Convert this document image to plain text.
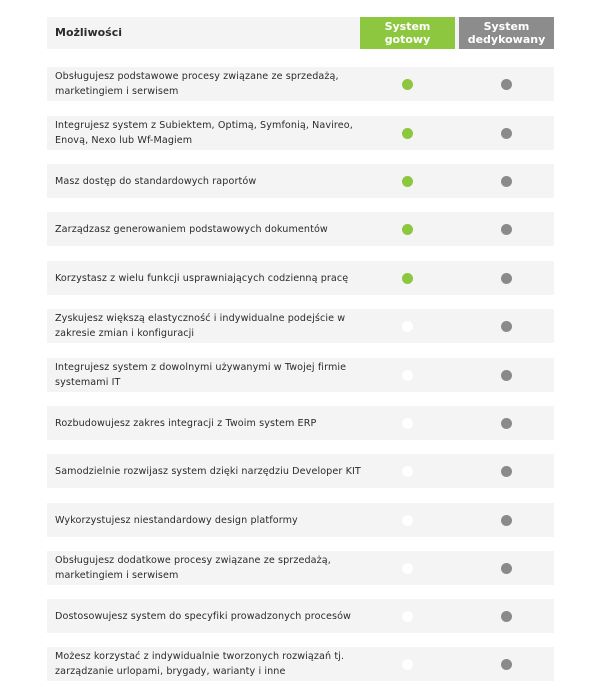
Możliwości	System
gotowy
System
dedykowany
Obsługujesz podstawowe procesy związane ze sprzedażą, marketingiem i serwisem
Integrujesz system z Subiektem, Optimą, Symfonią, Navireo, Enovą, Nexo lub Wf-Magiem
Masz dostęp do standardowych raportów
Zarządzasz generowaniem podstawowych dokumentów
Korzystasz z wielu funkcji usprawniających codzienną pracę
Zyskujesz większą elastyczność i indywidualne podejście w zakresie zmian i konfiguracji
Integrujesz system z dowolnymi używanymi w Twojej firmie systemami IT
Rozbudowujesz zakres integracji z Twoim system ERP
Samodzielnie rozwijasz system dzięki narzędziu Developer KIT
Wykorzystujesz niestandardowy design platformy
Obsługujesz dodatkowe procesy związane ze sprzedażą, marketingiem i serwisem
Dostosowujesz system do specyfiki prowadzonych procesów
Możesz korzystać z indywidualnie tworzonych rozwiązań tj. zarządzanie urlopami, brygady, warianty i inne
